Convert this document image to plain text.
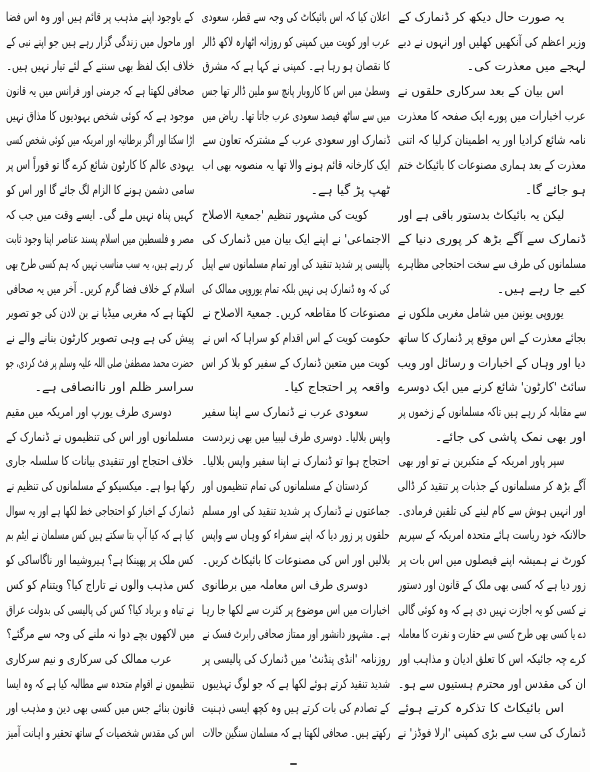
یہ صورت حال دیکھ کر ڈنمارک کے
وزیر اعظم کی آنکھیں کھلیں اور انہوں نے دبے
لہجے میں معذرت کی۔
اس بیان کے بعد سرکاری حلقوں نے
عرب اخبارات میں پورے ایک صفحہ کا معذرت
نامہ شائع کرادیا اور یہ اطمینان کرلیا کہ اتنی
معذرت کے بعد ہماری مصنوعات کا بائیکاٹ ختم
ہو جائے گا۔
لیکن یہ بائیکاٹ بدستور باقی ہے اور
ڈنمارک سے آگے بڑھ کر پوری دنیا کے
مسلمانوں کی طرف سے سخت احتجاجی مظاہرے
کیے جا رہے ہیں۔
یوروپی یونین میں شامل مغربی ملکوں نے
بجائے معذرت کے اس موقع پر ڈنمارک کا ساتھ
دیا اور وہاں کے اخبارات و رسائل اور ویب
سائٹ 'کارٹون' شائع کرنے میں ایک دوسرے
سے مقابلہ کر رہے ہیں تاکہ مسلمانوں کے زخموں پر
اور بھی نمک پاشی کی جائے۔
سپر پاور امریکہ کے متکبرین نے تو اور بھی
آگے بڑھ کر مسلمانوں کے جذبات پر تنقید کر ڈالی
اور انہیں ہوش سے کام لینے کی تلقین فرمادی۔
حالانکہ خود ریاست ہائے متحدہ امریکہ کے سپریم
کورٹ نے ہمیشہ اپنے فیصلوں میں اس بات پر
زور دیا ہے کہ کسی بھی ملک کے قانون اور دستور
نے کسی کو یہ اجازت نہیں دی ہے کہ وہ کوئی گالی
دے یا کسی بھی طرح کسی سے حقارت و نفرت کا معاملہ
کرے چہ جائیکہ اس کا تعلق ادیان و مذاہب اور
ان کی مقدس اور محترم ہستیوں سے ہو۔
اس بائیکاٹ کا تذکرہ کرتے ہوئے
ڈنمارک کی سب سے بڑی کمپنی 'ارلا فوڈز' نے
اعلان کیا کہ اس بائیکاٹ کی وجہ سے قطر، سعودی
عرب اور کویت میں کمپنی کو روزانہ اٹھارہ لاکھ ڈالر
کا نقصان ہو رہا ہے۔ کمپنی نے کہا ہے کہ مشرق
وسطیٰ میں اس کا کاروبار پانچ سو ملین ڈالر تھا جس
میں سے ساٹھ فیصد سعودی عرب جاتا تھا۔ ریاض میں
ڈنمارک اور سعودی عرب کے مشترکہ تعاون سے
ایک کارخانہ قائم ہونے والا تھا یہ منصوبہ بھی اب
ٹھپ پڑ گیا ہے۔
کویت کی مشہور تنظیم 'جمعیۃ الاصلاح
الاجتماعی' نے اپنے ایک بیان میں ڈنمارک کی
پالیسی پر شدید تنقید کی اور تمام مسلمانوں سے اپیل
کی کہ وہ ڈنمارک ہی نہیں بلکہ تمام یوروپی ممالک کی
مصنوعات کا مقاطعہ کریں۔ جمعیۃ الاصلاح نے
حکومت کویت کے اس اقدام کو سراہا کہ اس نے
کویت میں متعین ڈنمارک کے سفیر کو بلا کر اس
واقعہ پر احتجاج کیا۔
سعودی عرب نے ڈنمارک سے اپنا سفیر
واپس بلالیا۔ دوسری طرف لیبیا میں بھی زبردست
احتجاج ہوا تو ڈنمارک نے اپنا سفیر واپس بلالیا۔
کردستان کے مسلمانوں کی تمام تنظیموں اور
جماعتوں نے ڈنمارک پر شدید تنقید کی اور مسلم
حلقوں پر زور دیا کہ اپنے سفراء کو وہاں سے واپس
بلالیں اور اس کی مصنوعات کا بائیکاٹ کریں۔
دوسری طرف اس معاملہ میں برطانوی
اخبارات میں اس موضوع پر کثرت سے لکھا جا رہا
ہے۔ مشہور دانشور اور ممتاز صحافی رابرٹ فسک نے
روزنامہ 'انڈی پنڈنٹ' میں ڈنمارک کی پالیسی پر
شدید تنقید کرتے ہوئے لکھا ہے کہ جو لوگ تہذیبوں
کے تصادم کی بات کرتے ہیں وہ کچھ ایسی ذہنیت
رکھتے ہیں۔ صحافی لکھتا ہے کہ مسلمان سنگین حالات
کے باوجود اپنے مذہب پر قائم ہیں اور وہ اس فضا
اور ماحول میں زندگی گزار رہے ہیں جو اپنے نبی کے
خلاف ایک لفظ بھی سننے کے لئے تیار نہیں ہیں۔
صحافی لکھتا ہے کہ جرمنی اور فرانس میں یہ قانون
موجود ہے کہ کوئی شخص یہودیوں کا مذاق نہیں
اڑا سکتا اور اگر برطانیہ اور امریکہ میں کوئی شخص کسی
یہودی عالم کا کارٹون شائع کرے گا تو فوراً اس پر
سامی دشمن ہونے کا الزام لگ جائے گا اور اس کو
کہیں پناہ نہیں ملے گی۔ ایسے وقت میں جب کہ
مصر و فلسطین میں اسلام پسند عناصر اپنا وجود ثابت
کر رہے ہیں، یہ سب مناسب نہیں کہ ہم کسی طرح بھی
اسلام کے خلاف فضا گرم کریں۔ آخر میں یہ صحافی
لکھتا ہے کہ مغربی میڈیا نے بن لادن کی جو تصویر
پیش کی ہے وہی تصویر کارٹون بنانے والے نے
حضرت محمد مصطفیٰ صلی اللہ علیہ وسلم پر فٹ کردی، جو
سراسر ظلم اور ناانصافی ہے۔
دوسری طرف یورپ اور امریکہ میں مقیم
مسلمانوں اور اس کی تنظیموں نے ڈنمارک کے
خلاف احتجاج اور تنقیدی بیانات کا سلسلہ جاری
رکھا ہوا ہے۔ میکسیکو کے مسلمانوں کی تنظیم نے
ڈنمارک کے اخبار کو احتجاجی خط لکھا ہے اور یہ سوال
کیا ہے کہ کیا آپ بتا سکتے ہیں کس مسلمان نے ایٹم بم
کس ملک پر پھینکا ہے؟ ہیروشیما اور ناگاساکی کو
کس مذہب والوں نے تاراج کیا؟ ویتنام کو کس
نے تباہ و برباد کیا؟ کس کی پالیسی کی بدولت عراق
میں لاکھوں بچے دوا نہ ملنے کی وجہ سے مرگئے؟
عرب ممالک کی سرکاری و نیم سرکاری
تنظیموں نے اقوام متحدہ سے مطالبہ کیا ہے کہ وہ ایسا
قانون بنائے جس میں کسی بھی دین و مذہب اور
اس کی مقدس شخصیات کے ساتھ تحقیر و اہانت آمیز
